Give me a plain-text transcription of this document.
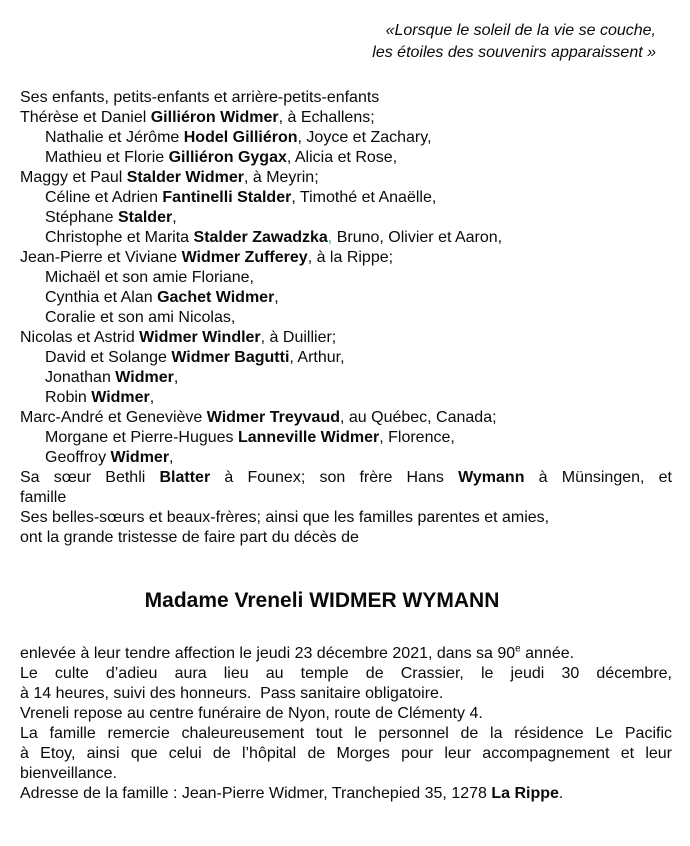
«Lorsque le soleil de la vie se couche,
les étoiles des souvenirs apparaissent »
Ses enfants, petits-enfants et arrière-petits-enfants
Thérèse et Daniel Gilliéron Widmer, à Echallens;
Nathalie et Jérôme Hodel Gilliéron, Joyce et Zachary,
Mathieu et Florie Gilliéron Gygax, Alicia et Rose,
Maggy et Paul Stalder Widmer, à Meyrin;
Céline et Adrien Fantinelli Stalder, Timothé et Anaëlle,
Stéphane Stalder,
Christophe et Marita Stalder Zawadzka, Bruno, Olivier et Aaron,
Jean-Pierre et Viviane Widmer Zufferey, à la Rippe;
Michaël et son amie Floriane,
Cynthia et Alan Gachet Widmer,
Coralie et son ami Nicolas,
Nicolas et Astrid Widmer Windler, à Duillier;
David et Solange Widmer Bagutti, Arthur,
Jonathan Widmer,
Robin Widmer,
Marc-André et Geneviève Widmer Treyvaud, au Québec, Canada;
Morgane et Pierre-Hugues Lanneville Widmer, Florence,
Geoffroy Widmer,
Sa sœur Bethli Blatter à Founex; son frère Hans Wymann à Münsingen, et
famille
Ses belles-sœurs et beaux-frères; ainsi que les familles parentes et amies,
ont la grande tristesse de faire part du décès de
Madame Vreneli WIDMER WYMANN
enlevée à leur tendre affection le jeudi 23 décembre 2021, dans sa 90e année.
Le culte d’adieu aura lieu au temple de Crassier, le jeudi 30 décembre,
à 14 heures, suivi des honneurs.  Pass sanitaire obligatoire.
Vreneli repose au centre funéraire de Nyon, route de Clémenty 4.
La famille remercie chaleureusement tout le personnel de la résidence Le Pacific
à Etoy, ainsi que celui de l’hôpital de Morges pour leur accompagnement et leur
bienveillance.
Adresse de la famille : Jean-Pierre Widmer, Tranchepied 35, 1278 La Rippe.
